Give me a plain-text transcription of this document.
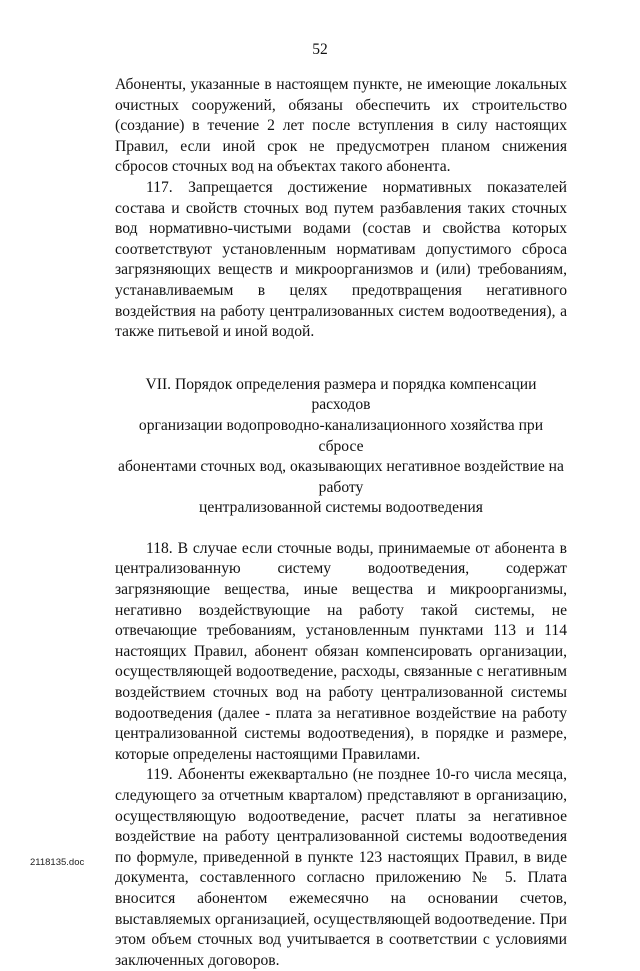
52

Абоненты, указанные в настоящем пункте, не имеющие локальных очистных сооружений, обязаны обеспечить их строительство (создание) в течение 2 лет после вступления в силу настоящих Правил, если иной срок не предусмотрен планом снижения сбросов сточных вод на объектах такого абонента.

117. Запрещается достижение нормативных показателей состава и свойств сточных вод путем разбавления таких сточных вод нормативно-чистыми водами (состав и свойства которых соответствуют установленным нормативам допустимого сброса загрязняющих веществ и микроорганизмов и (или) требованиям, устанавливаемым в целях предотвращения негативного воздействия на работу централизованных систем водоотведения), а также питьевой и иной водой.

VII. Порядок определения размера и порядка компенсации расходов
организации водопроводно-канализационного хозяйства при сбросе
абонентами сточных вод, оказывающих негативное воздействие на работу
централизованной системы водоотведения

118. В случае если сточные воды, принимаемые от абонента в централизованную систему водоотведения, содержат загрязняющие вещества, иные вещества и микроорганизмы, негативно воздействующие на работу такой системы, не отвечающие требованиям, установленным пунктами 113 и 114 настоящих Правил, абонент обязан компенсировать организации, осуществляющей водоотведение, расходы, связанные с негативным воздействием сточных вод на работу централизованной системы водоотведения (далее - плата за негативное воздействие на работу централизованной системы водоотведения), в порядке и размере, которые определены настоящими Правилами.

119. Абоненты ежеквартально (не позднее 10-го числа месяца, следующего за отчетным кварталом) представляют в организацию, осуществляющую водоотведение, расчет платы за негативное воздействие на работу централизованной системы водоотведения по формуле, приведенной в пункте 123 настоящих Правил, в виде документа, составленного согласно приложению № 5. Плата вносится абонентом ежемесячно на основании счетов, выставляемых организацией, осуществляющей водоотведение. При этом объем сточных вод учитывается в соответствии с условиями заключенных договоров.

2118135.doc
